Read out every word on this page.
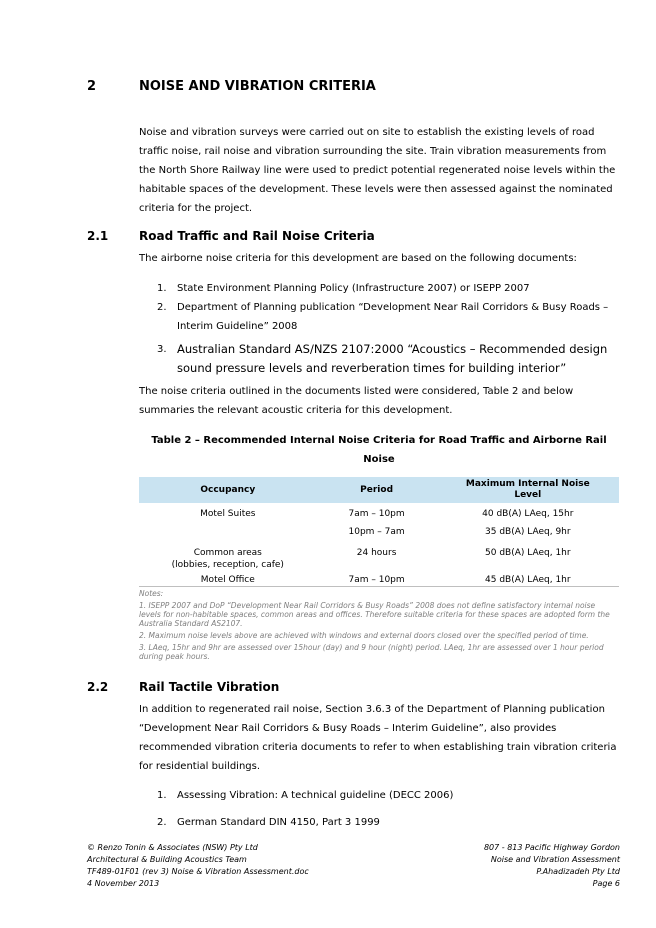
2	NOISE AND VIBRATION CRITERIA
Noise and vibration surveys were carried out on site to establish the existing levels of road traffic noise, rail noise and vibration surrounding the site. Train vibration measurements from the North Shore Railway line were used to predict potential regenerated noise levels within the habitable spaces of the development. These levels were then assessed against the nominated criteria for the project.
2.1	Road Traffic and Rail Noise Criteria
The airborne noise criteria for this development are based on the following documents:
1. State Environment Planning Policy (Infrastructure 2007) or ISEPP 2007
2. Department of Planning publication “Development Near Rail Corridors & Busy Roads – Interim Guideline” 2008
3. Australian Standard AS/NZS 2107:2000 “Acoustics – Recommended design sound pressure levels and reverberation times for building interior”
The noise criteria outlined in the documents listed were considered, Table 2 and below summaries the relevant acoustic criteria for this development.
Table 2 – Recommended Internal Noise Criteria for Road Traffic and Airborne Rail Noise
Occupancy	Period	Maximum Internal Noise Level
Motel Suites	7am – 10pm	40 dB(A) LAeq, 15hr
	10pm – 7am	35 dB(A) LAeq, 9hr
Common areas
(lobbies, reception, cafe)	24 hours	50 dB(A) LAeq, 1hr
Motel Office	7am – 10pm	45 dB(A) LAeq, 1hr
Notes:
1. ISEPP 2007 and DoP “Development Near Rail Corridors & Busy Roads” 2008 does not define satisfactory internal noise levels for non-habitable spaces, common areas and offices. Therefore suitable criteria for these spaces are adopted form the Australia Standard AS2107.
2. Maximum noise levels above are achieved with windows and external doors closed over the specified period of time.
3. LAeq, 15hr and 9hr are assessed over 15hour (day) and 9 hour (night) period. LAeq, 1hr are assessed over 1 hour period during peak hours.
2.2	Rail Tactile Vibration
In addition to regenerated rail noise, Section 3.6.3 of the Department of Planning publication “Development Near Rail Corridors & Busy Roads – Interim Guideline”, also provides recommended vibration criteria documents to refer to when establishing train vibration criteria for residential buildings.
1. Assessing Vibration: A technical guideline (DECC 2006)
2. German Standard DIN 4150, Part 3 1999
© Renzo Tonin & Associates (NSW) Pty Ltd
Architectural & Building Acoustics Team
TF489-01F01 (rev 3) Noise & Vibration Assessment.doc
4 November 2013
807 - 813 Pacific Highway Gordon
Noise and Vibration Assessment
P.Ahadizadeh Pty Ltd
Page 6
